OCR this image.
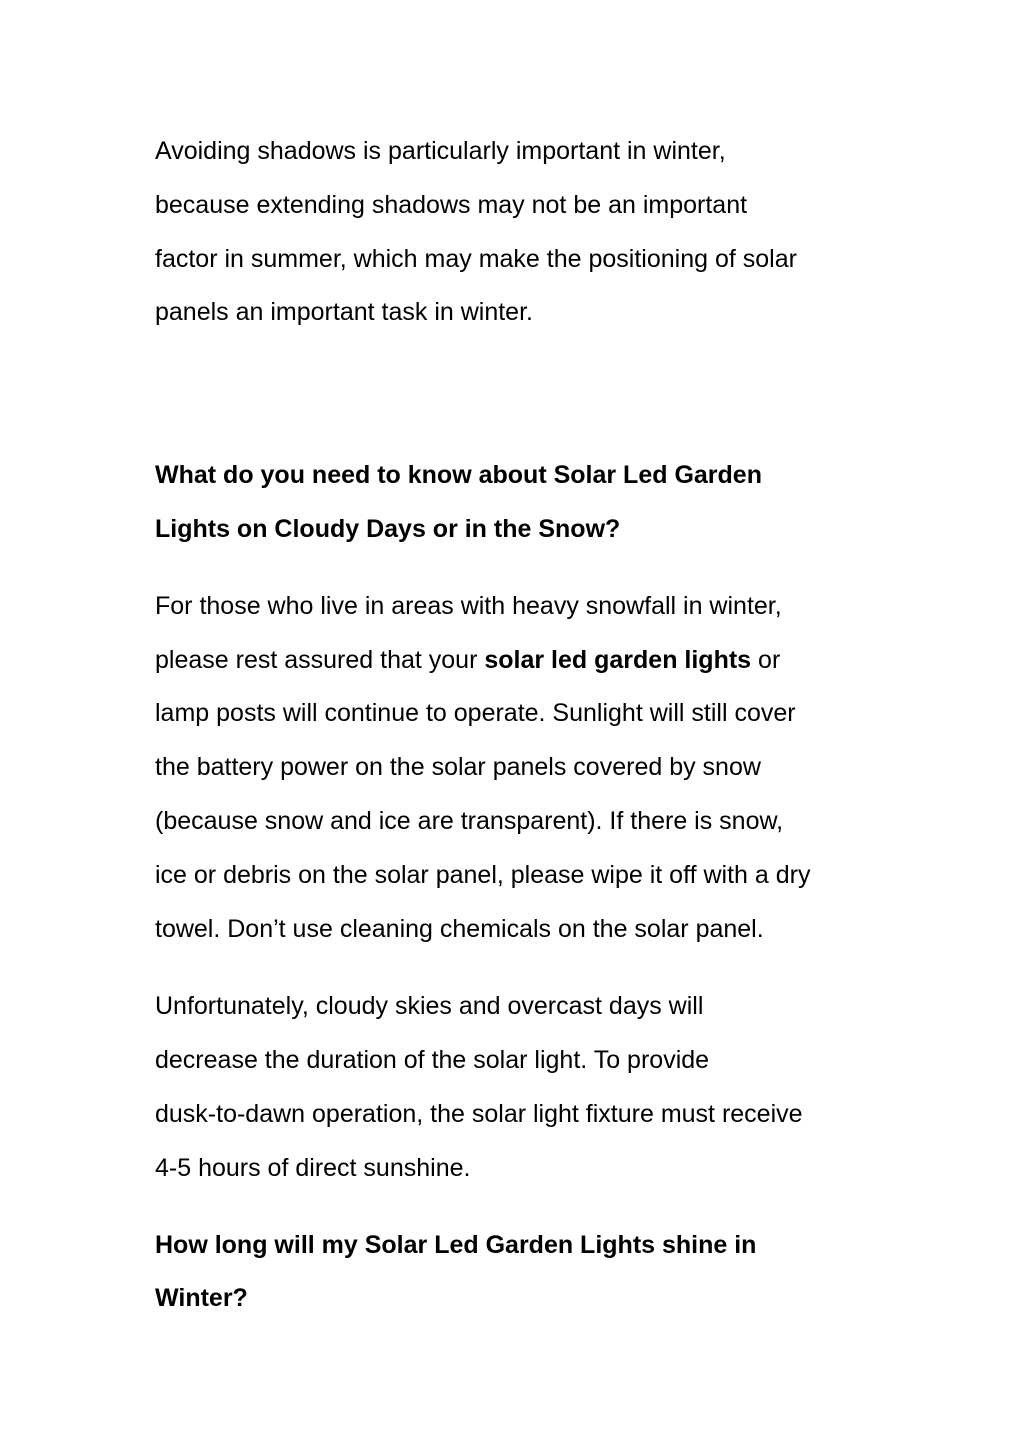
Avoiding shadows is particularly important in winter,
because extending shadows may not be an important
factor in summer, which may make the positioning of solar
panels an important task in winter.

What do you need to know about Solar Led Garden
Lights on Cloudy Days or in the Snow?

For those who live in areas with heavy snowfall in winter,
please rest assured that your solar led garden lights or
lamp posts will continue to operate. Sunlight will still cover
the battery power on the solar panels covered by snow
(because snow and ice are transparent). If there is snow,
ice or debris on the solar panel, please wipe it off with a dry
towel. Don’t use cleaning chemicals on the solar panel.

Unfortunately, cloudy skies and overcast days will
decrease the duration of the solar light. To provide
dusk-to-dawn operation, the solar light fixture must receive
4-5 hours of direct sunshine.

How long will my Solar Led Garden Lights shine in
Winter?
